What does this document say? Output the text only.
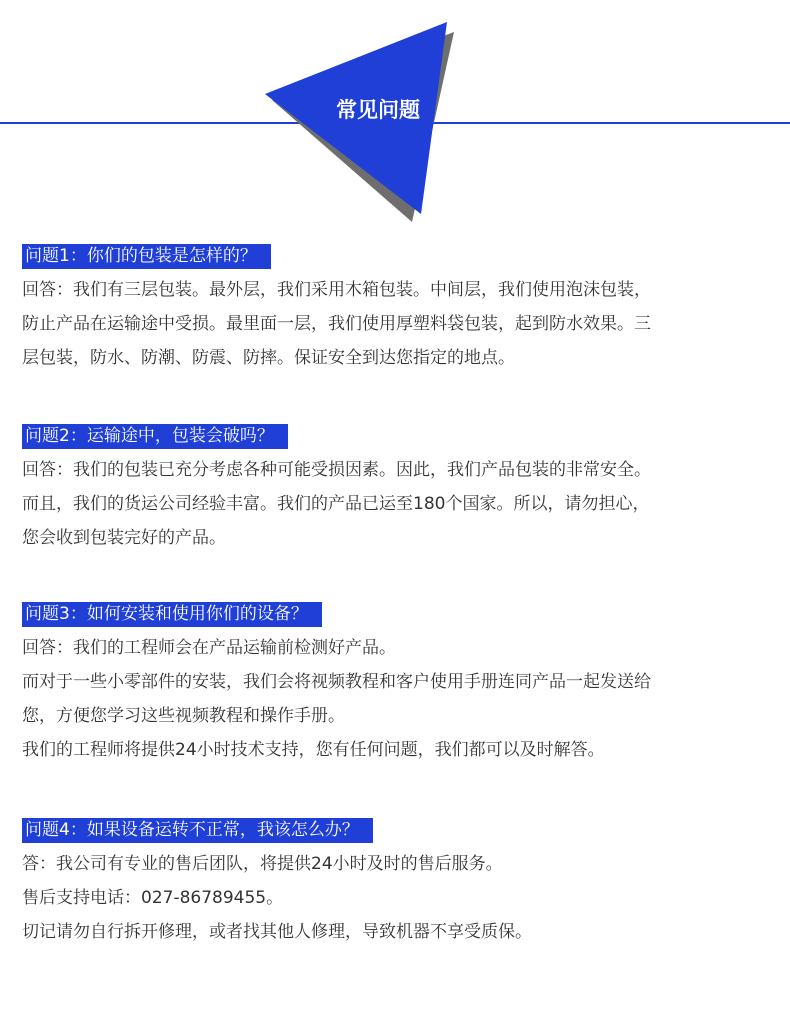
常见问题
问题1：你们的包装是怎样的？
回答：我们有三层包装。最外层，我们采用木箱包装。中间层，我们使用泡沫包装，
防止产品在运输途中受损。最里面一层，我们使用厚塑料袋包装，起到防水效果。三
层包装，防水、防潮、防震、防摔。保证安全到达您指定的地点。
问题2：运输途中，包装会破吗？
回答：我们的包装已充分考虑各种可能受损因素。因此，我们产品包装的非常安全。
而且，我们的货运公司经验丰富。我们的产品已运至180个国家。所以，请勿担心，
您会收到包装完好的产品。
问题3：如何安装和使用你们的设备？
回答：我们的工程师会在产品运输前检测好产品。
而对于一些小零部件的安装，我们会将视频教程和客户使用手册连同产品一起发送给
您，方便您学习这些视频教程和操作手册。
我们的工程师将提供24小时技术支持，您有任何问题，我们都可以及时解答。
问题4：如果设备运转不正常，我该怎么办？
答：我公司有专业的售后团队，将提供24小时及时的售后服务。
售后支持电话：027-86789455。
切记请勿自行拆开修理，或者找其他人修理，导致机器不享受质保。
